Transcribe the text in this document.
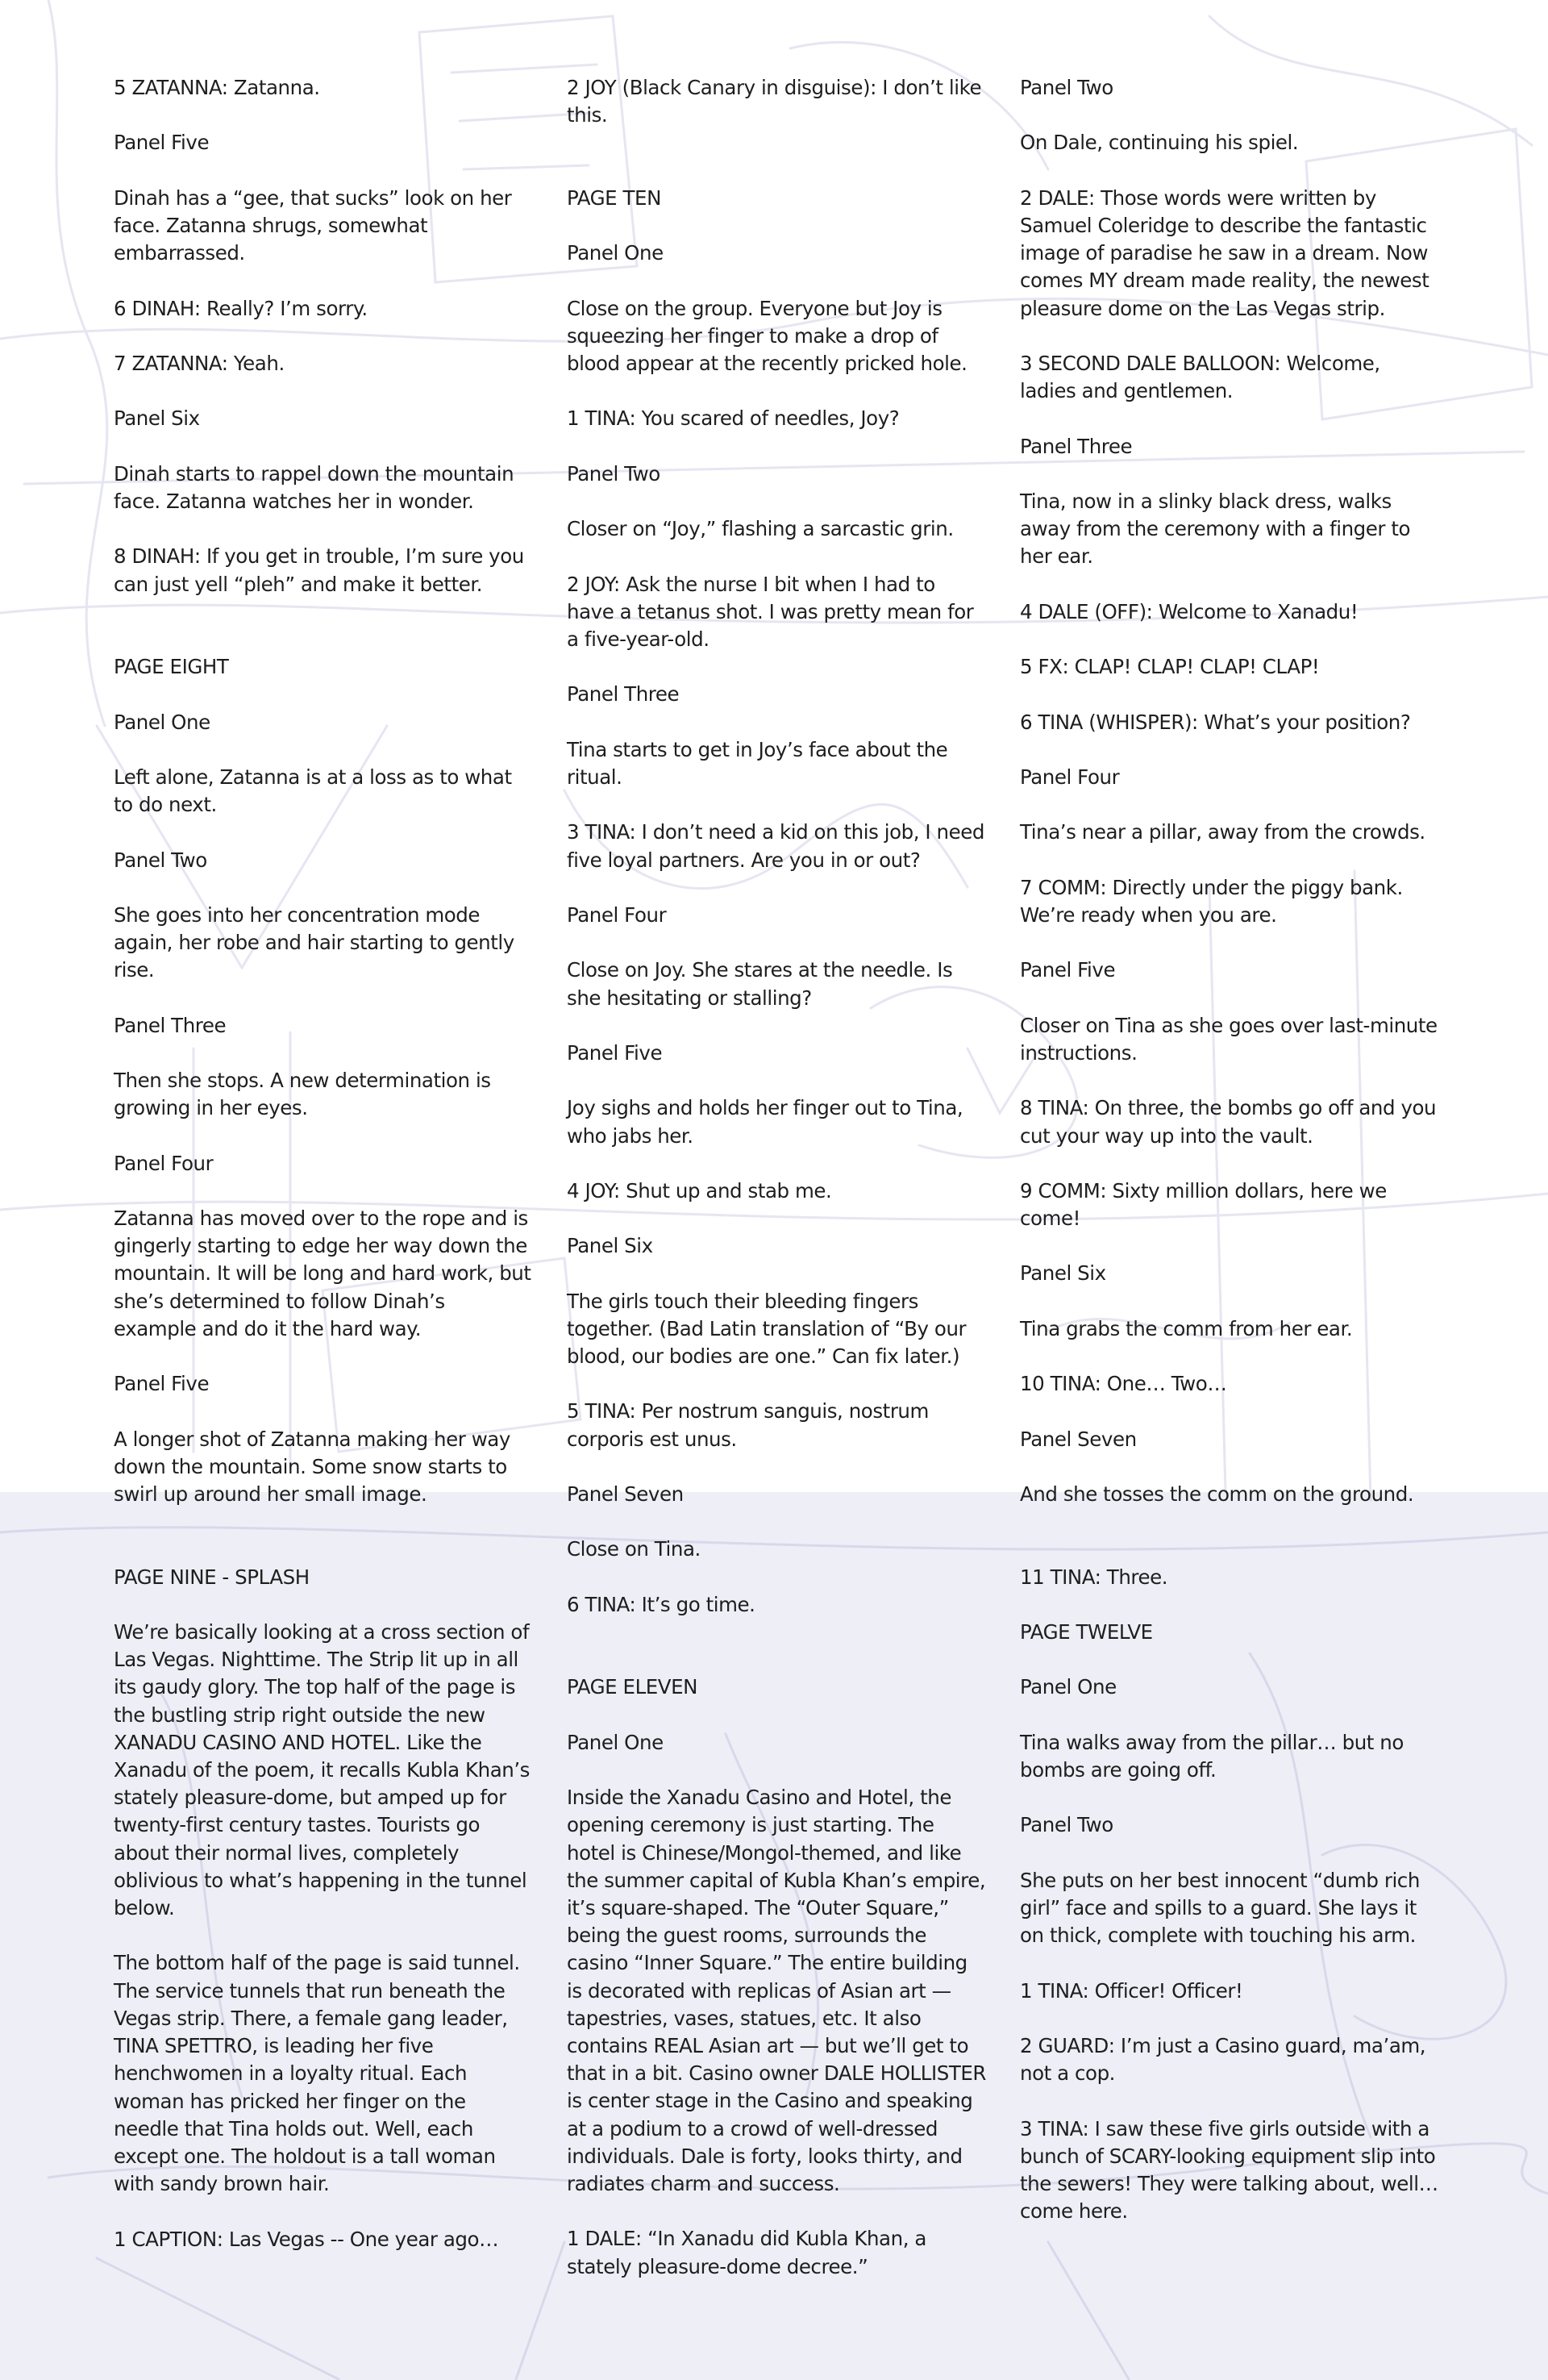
5 ZATANNA: Zatanna.

Panel Five

Dinah has a “gee, that sucks” look on her face. Zatanna shrugs, somewhat embarrassed.

6 DINAH: Really? I’m sorry.

7 ZATANNA: Yeah.

Panel Six

Dinah starts to rappel down the mountain face. Zatanna watches her in wonder.

8 DINAH: If you get in trouble, I’m sure you can just yell “pleh” and make it better.

PAGE EIGHT

Panel One

Left alone, Zatanna is at a loss as to what to do next.

Panel Two

She goes into her concentration mode again, her robe and hair starting to gently rise.

Panel Three

Then she stops. A new determination is growing in her eyes.

Panel Four

Zatanna has moved over to the rope and is gingerly starting to edge her way down the mountain. It will be long and hard work, but she’s determined to follow Dinah’s example and do it the hard way.

Panel Five

A longer shot of Zatanna making her way down the mountain. Some snow starts to swirl up around her small image.

PAGE NINE - SPLASH

We’re basically looking at a cross section of Las Vegas. Nighttime. The Strip lit up in all its gaudy glory. The top half of the page is the bustling strip right outside the new XANADU CASINO AND HOTEL. Like the Xanadu of the poem, it recalls Kubla Khan’s stately pleasure-dome, but amped up for twenty-first century tastes. Tourists go about their normal lives, completely oblivious to what’s happening in the tunnel below.

The bottom half of the page is said tunnel. The service tunnels that run beneath the Vegas strip. There, a female gang leader, TINA SPETTRO, is leading her five henchwomen in a loyalty ritual. Each woman has pricked her finger on the needle that Tina holds out. Well, each except one. The holdout is a tall woman with sandy brown hair.

1 CAPTION: Las Vegas -- One year ago…

2 JOY (Black Canary in disguise): I don’t like this.

PAGE TEN

Panel One

Close on the group. Everyone but Joy is squeezing her finger to make a drop of blood appear at the recently pricked hole.

1 TINA: You scared of needles, Joy?

Panel Two

Closer on “Joy,” flashing a sarcastic grin.

2 JOY: Ask the nurse I bit when I had to have a tetanus shot. I was pretty mean for a five-year-old.

Panel Three

Tina starts to get in Joy’s face about the ritual.

3 TINA: I don’t need a kid on this job, I need five loyal partners. Are you in or out?

Panel Four

Close on Joy. She stares at the needle. Is she hesitating or stalling?

Panel Five

Joy sighs and holds her finger out to Tina, who jabs her.

4 JOY: Shut up and stab me.

Panel Six

The girls touch their bleeding fingers together. (Bad Latin translation of “By our blood, our bodies are one.” Can fix later.)

5 TINA: Per nostrum sanguis, nostrum corporis est unus.

Panel Seven

Close on Tina.

6 TINA: It’s go time.

PAGE ELEVEN

Panel One

Inside the Xanadu Casino and Hotel, the opening ceremony is just starting. The hotel is Chinese/Mongol-themed, and like the summer capital of Kubla Khan’s empire, it’s square-shaped. The “Outer Square,” being the guest rooms, surrounds the casino “Inner Square.” The entire building is decorated with replicas of Asian art — tapestries, vases, statues, etc. It also contains REAL Asian art — but we’ll get to that in a bit. Casino owner DALE HOLLISTER is center stage in the Casino and speaking at a podium to a crowd of well-dressed individuals. Dale is forty, looks thirty, and radiates charm and success.

1 DALE: “In Xanadu did Kubla Khan, a stately pleasure-dome decree.”

Panel Two

On Dale, continuing his spiel.

2 DALE: Those words were written by Samuel Coleridge to describe the fantastic image of paradise he saw in a dream. Now comes MY dream made reality, the newest pleasure dome on the Las Vegas strip.

3 SECOND DALE BALLOON: Welcome, ladies and gentlemen.

Panel Three

Tina, now in a slinky black dress, walks away from the ceremony with a finger to her ear.

4 DALE (OFF): Welcome to Xanadu!

5 FX: CLAP! CLAP! CLAP! CLAP!

6 TINA (WHISPER): What’s your position?

Panel Four

Tina’s near a pillar, away from the crowds.

7 COMM: Directly under the piggy bank. We’re ready when you are.

Panel Five

Closer on Tina as she goes over last-minute instructions.

8 TINA: On three, the bombs go off and you cut your way up into the vault.

9 COMM: Sixty million dollars, here we come!

Panel Six

Tina grabs the comm from her ear.

10 TINA: One… Two…

Panel Seven

And she tosses the comm on the ground.

11 TINA: Three.

PAGE TWELVE

Panel One

Tina walks away from the pillar… but no bombs are going off.

Panel Two

She puts on her best innocent “dumb rich girl” face and spills to a guard. She lays it on thick, complete with touching his arm.

1 TINA: Officer! Officer!

2 GUARD: I’m just a Casino guard, ma’am, not a cop.

3 TINA: I saw these five girls outside with a bunch of SCARY-looking equipment slip into the sewers! They were talking about, well… come here.
